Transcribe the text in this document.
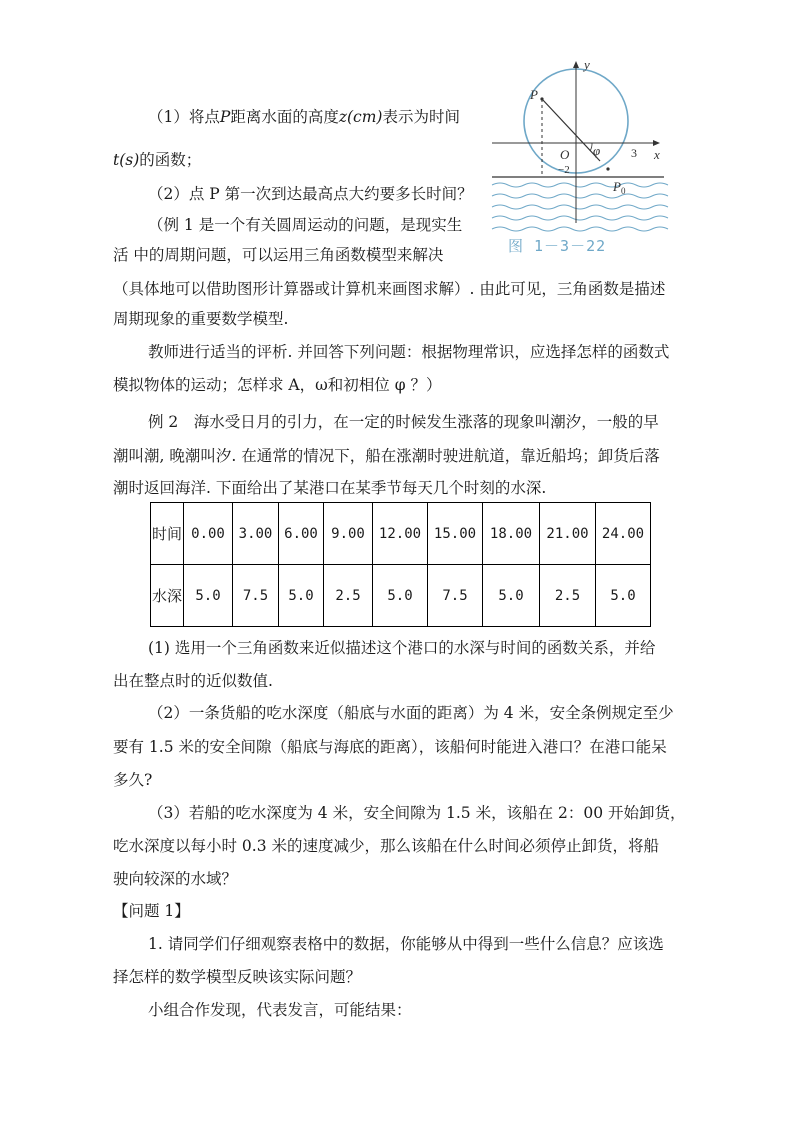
（1）将点P距离水面的高度z(cm)表示为时间
t(s)的函数；
（2）点 P 第一次到达最高点大约要多长时间？
（例 1 是一个有关圆周运动的问题，是现实生
活 中的周期问题，可以运用三角函数模型来解决
（具体地可以借助图形计算器或计算机来画图求解）. 由此可见，三角函数是描述
周期现象的重要数学模型.
教师进行适当的评析. 并回答下列问题：根据物理常识，应选择怎样的函数式
模拟物体的运动；怎样求 A，ω和初相位 φ ？）
例 2　海水受日月的引力，在一定的时候发生涨落的现象叫潮汐，一般的早
潮叫潮, 晚潮叫汐. 在通常的情况下，船在涨潮时驶进航道，靠近船坞；卸货后落
潮时返回海洋. 下面给出了某港口在某季节每天几个时刻的水深.
时间	0.00	3.00	6.00	9.00	12.00	15.00	18.00	21.00	24.00
水深	5.0	7.5	5.0	2.5	5.0	7.5	5.0	2.5	5.0
(1) 选用一个三角函数来近似描述这个港口的水深与时间的函数关系，并给
出在整点时的近似数值.
（2）一条货船的吃水深度（船底与水面的距离）为 4 米，安全条例规定至少
要有 1.5 米的安全间隙（船底与海底的距离），该船何时能进入港口？在港口能呆
多久?
（3）若船的吃水深度为 4 米，安全间隙为 1.5 米，该船在 2：00 开始卸货，
吃水深度以每小时 0.3 米的速度减少，那么该船在什么时间必须停止卸货，将船
驶向较深的水域？
【问题 1】
1. 请同学们仔细观察表格中的数据，你能够从中得到一些什么信息？应该选
择怎样的数学模型反映该实际问题？
小组合作发现，代表发言，可能结果：
y
x
P
O φ	3
−2
$P_0$
图 1－3－22
